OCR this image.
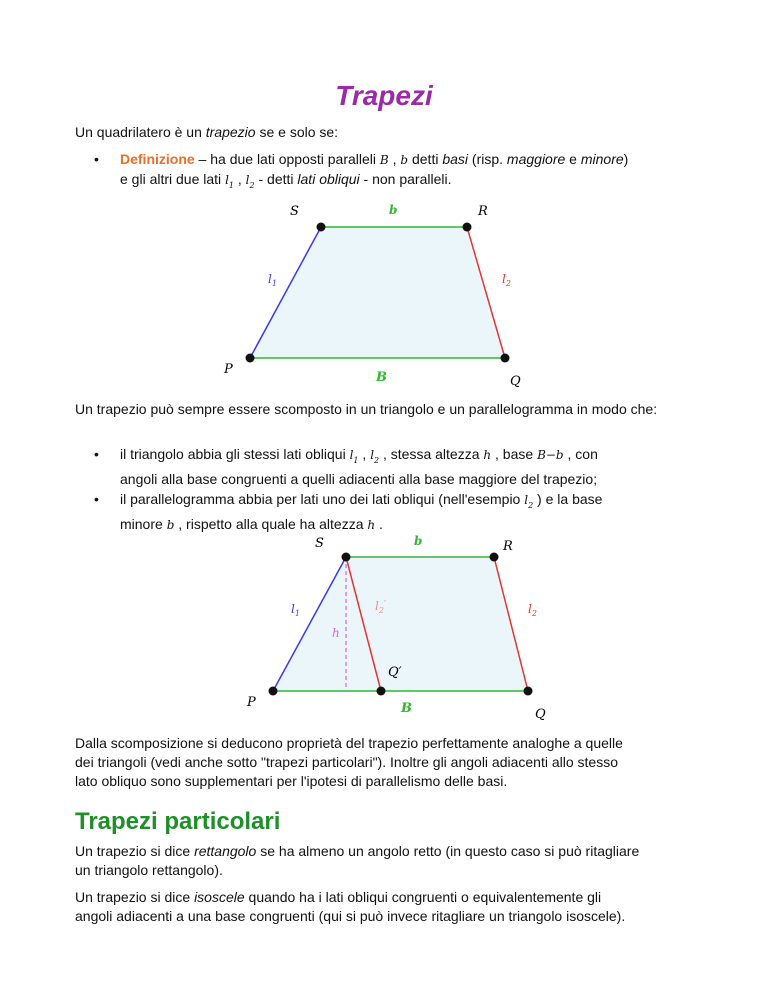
Trapezi
Un quadrilatero è un trapezio se e solo se:
• Definizione – ha due lati opposti paralleli B , b detti basi (risp. maggiore e minore)
e gli altri due lati $l_1$ , $l_2$ - detti lati obliqui - non paralleli.
S	R
P
Q
b
B
$l_1$	$l_2$
Un trapezio può sempre essere scomposto in un triangolo e un parallelogramma in modo che:
• il triangolo abbia gli stessi lati obliqui $l_1$ , $l_2$ , stessa altezza h , base B−b , con
angoli alla base congruenti a quelli adiacenti alla base maggiore del trapezio;
• il parallelogramma abbia per lati uno dei lati obliqui (nell'esempio $l_2$ ) e la base
minore b , rispetto alla quale ha altezza h .
S	R
P
Q
Q′
b
B
$l_1$	$l_2$
$l_2'$
h
Dalla scomposizione si deducono proprietà del trapezio perfettamente analoghe a quelle
dei triangoli (vedi anche sotto "trapezi particolari"). Inoltre gli angoli adiacenti allo stesso
lato obliquo sono supplementari per l'ipotesi di parallelismo delle basi.
Trapezi particolari
Un trapezio si dice rettangolo se ha almeno un angolo retto (in questo caso si può ritagliare
un triangolo rettangolo).
Un trapezio si dice isoscele quando ha i lati obliqui congruenti o equivalentemente gli
angoli adiacenti a una base congruenti (qui si può invece ritagliare un triangolo isoscele).
